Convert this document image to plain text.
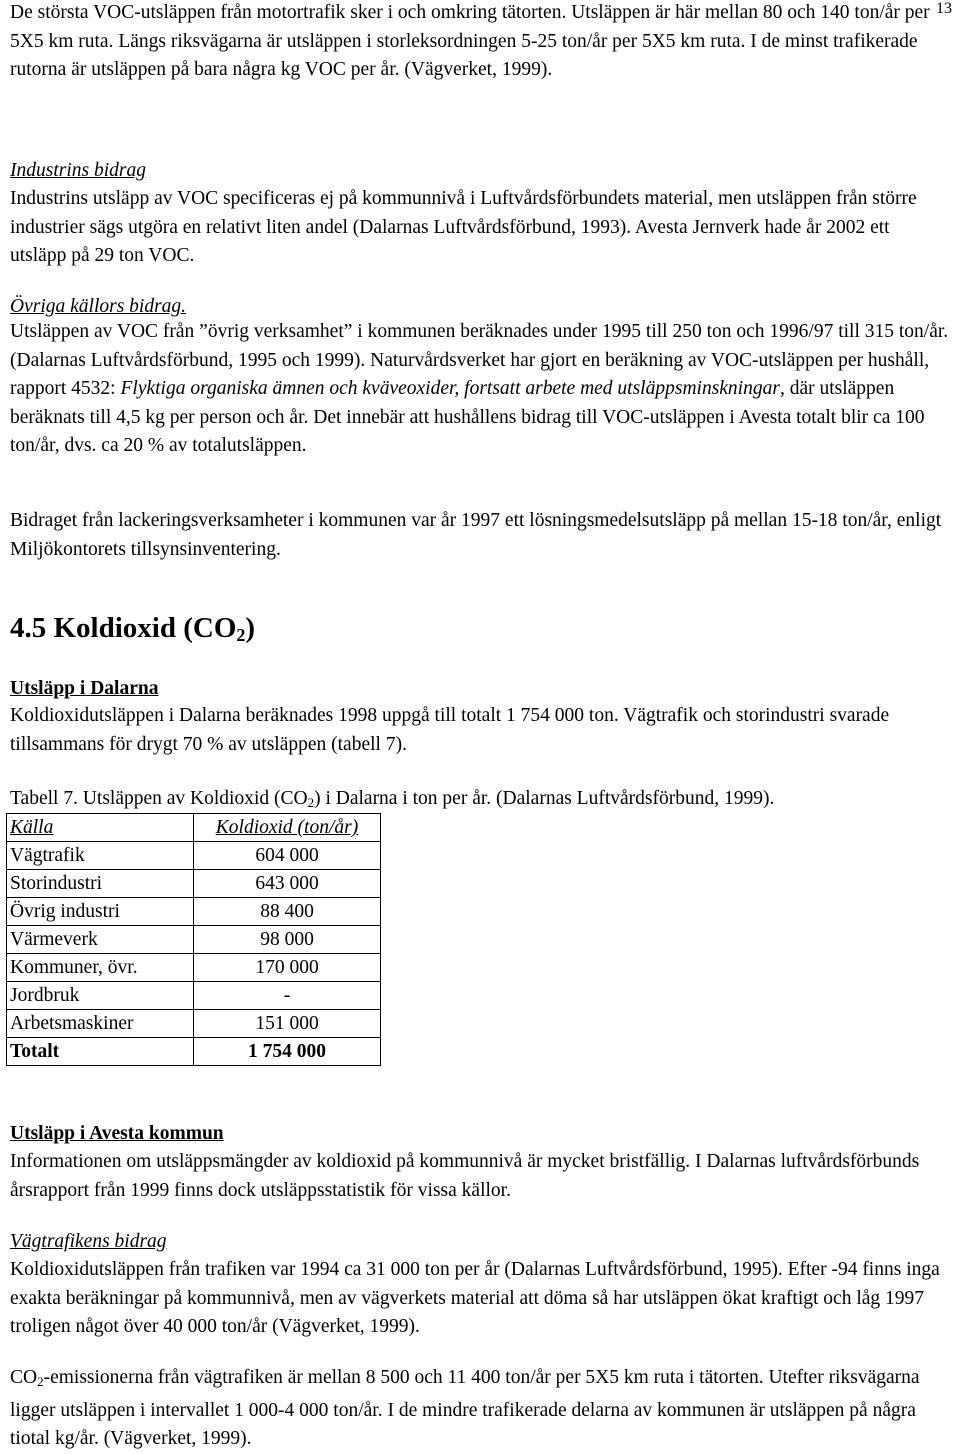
13

De största VOC-utsläppen från motortrafik sker i och omkring tätorten. Utsläppen är här mellan 80 och 140 ton/år per 5X5 km ruta. Längs riksvägarna är utsläppen i storleksordningen 5-25 ton/år per 5X5 km ruta. I de minst trafikerade rutorna är utsläppen på bara några kg VOC per år. (Vägverket, 1999).

Industrins bidrag

Industrins utsläpp av VOC specificeras ej på kommunnivå i Luftvårdsförbundets material, men utsläppen från större industrier sägs utgöra en relativt liten andel (Dalarnas Luftvårdsförbund, 1993). Avesta Jernverk hade år 2002 ett utsläpp på 29 ton VOC.

Övriga källors bidrag.

Utsläppen av VOC från ”övrig verksamhet” i kommunen beräknades under 1995 till 250 ton och 1996/97 till 315 ton/år. (Dalarnas Luftvårdsförbund, 1995 och 1999). Naturvårdsverket har gjort en beräkning av VOC-utsläppen per hushåll, rapport 4532: Flyktiga organiska ämnen och kväveoxider, fortsatt arbete med utsläppsminskningar, där utsläppen beräknats till 4,5 kg per person och år. Det innebär att hushållens bidrag till VOC-utsläppen i Avesta totalt blir ca 100 ton/år, dvs. ca 20 % av totalutsläppen.

Bidraget från lackeringsverksamheter i kommunen var år 1997 ett lösningsmedelsutsläpp på mellan 15-18 ton/år, enligt Miljökontorets tillsynsinventering.

4.5 Koldioxid $(CO_2)$

Utsläpp i Dalarna

Koldioxidutsläppen i Dalarna beräknades 1998 uppgå till totalt 1 754 000 ton. Vägtrafik och storindustri svarade tillsammans för drygt 70 % av utsläppen (tabell 7).

Tabell 7. Utsläppen av Koldioxid $(CO_2)$ i Dalarna i ton per år. (Dalarnas Luftvårdsförbund, 1999).

Källa	Koldioxid (ton/år)
Vägtrafik	604 000
Storindustri	643 000
Övrig industri	88 400
Värmeverk	98 000
Kommuner, övr.	170 000
Jordbruk	-
Arbetsmaskiner	151 000
Totalt	1 754 000

Utsläpp i Avesta kommun

Informationen om utsläppsmängder av koldioxid på kommunnivå är mycket bristfällig. I Dalarnas luftvårdsförbunds årsrapport från 1999 finns dock utsläppsstatistik för vissa källor.

Vägtrafikens bidrag

Koldioxidutsläppen från trafiken var 1994 ca 31 000 ton per år (Dalarnas Luftvårdsförbund, 1995). Efter -94 finns inga exakta beräkningar på kommunnivå, men av vägverkets material att döma så har utsläppen ökat kraftigt och låg 1997 troligen något över 40 000 ton/år (Vägverket, 1999).

$CO_2$-emissionerna från vägtrafiken är mellan 8 500 och 11 400 ton/år per 5X5 km ruta i tätorten. Utefter riksvägarna ligger utsläppen i intervallet 1 000-4 000 ton/år. I de mindre trafikerade delarna av kommunen är utsläppen på några tiotal kg/år. (Vägverket, 1999).
